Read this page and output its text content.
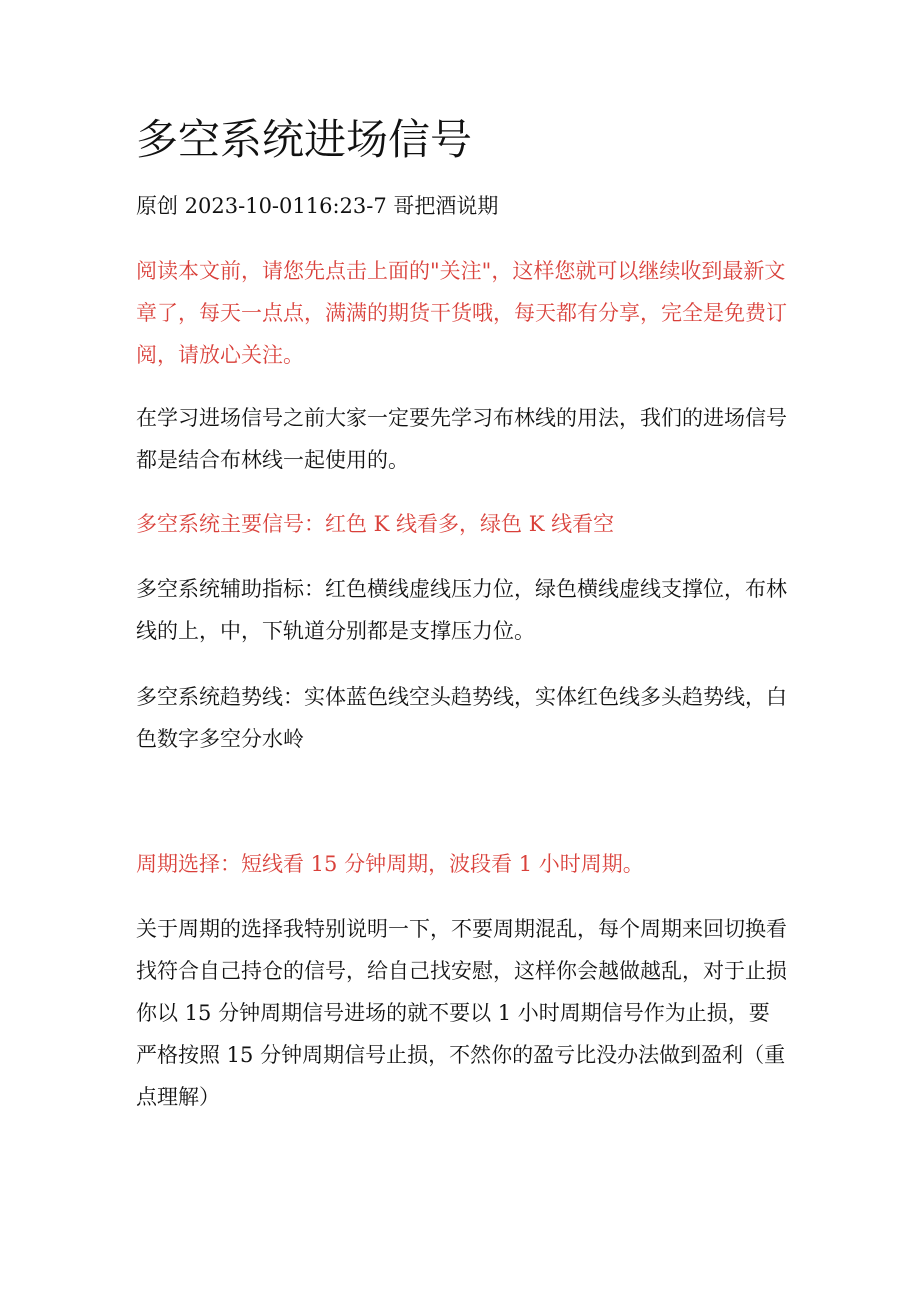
多空系统进场信号
原创 2023-10-0116:23-7 哥把酒说期

阅读本文前，请您先点击上面的"关注"，这样您就可以继续收到最新文章了，每天一点点，满满的期货干货哦，每天都有分享，完全是免费订阅，请放心关注。

在学习进场信号之前大家一定要先学习布林线的用法，我们的进场信号都是结合布林线一起使用的。

多空系统主要信号：红色 K 线看多，绿色 K 线看空

多空系统辅助指标：红色横线虚线压力位，绿色横线虚线支撑位，布林线的上，中，下轨道分别都是支撑压力位。

多空系统趋势线：实体蓝色线空头趋势线，实体红色线多头趋势线，白色数字多空分水岭

周期选择：短线看 15 分钟周期，波段看 1 小时周期。

关于周期的选择我特别说明一下，不要周期混乱，每个周期来回切换看找符合自己持仓的信号，给自己找安慰，这样你会越做越乱，对于止损你以 15 分钟周期信号进场的就不要以 1 小时周期信号作为止损，要严格按照 15 分钟周期信号止损，不然你的盈亏比没办法做到盈利（重点理解）
